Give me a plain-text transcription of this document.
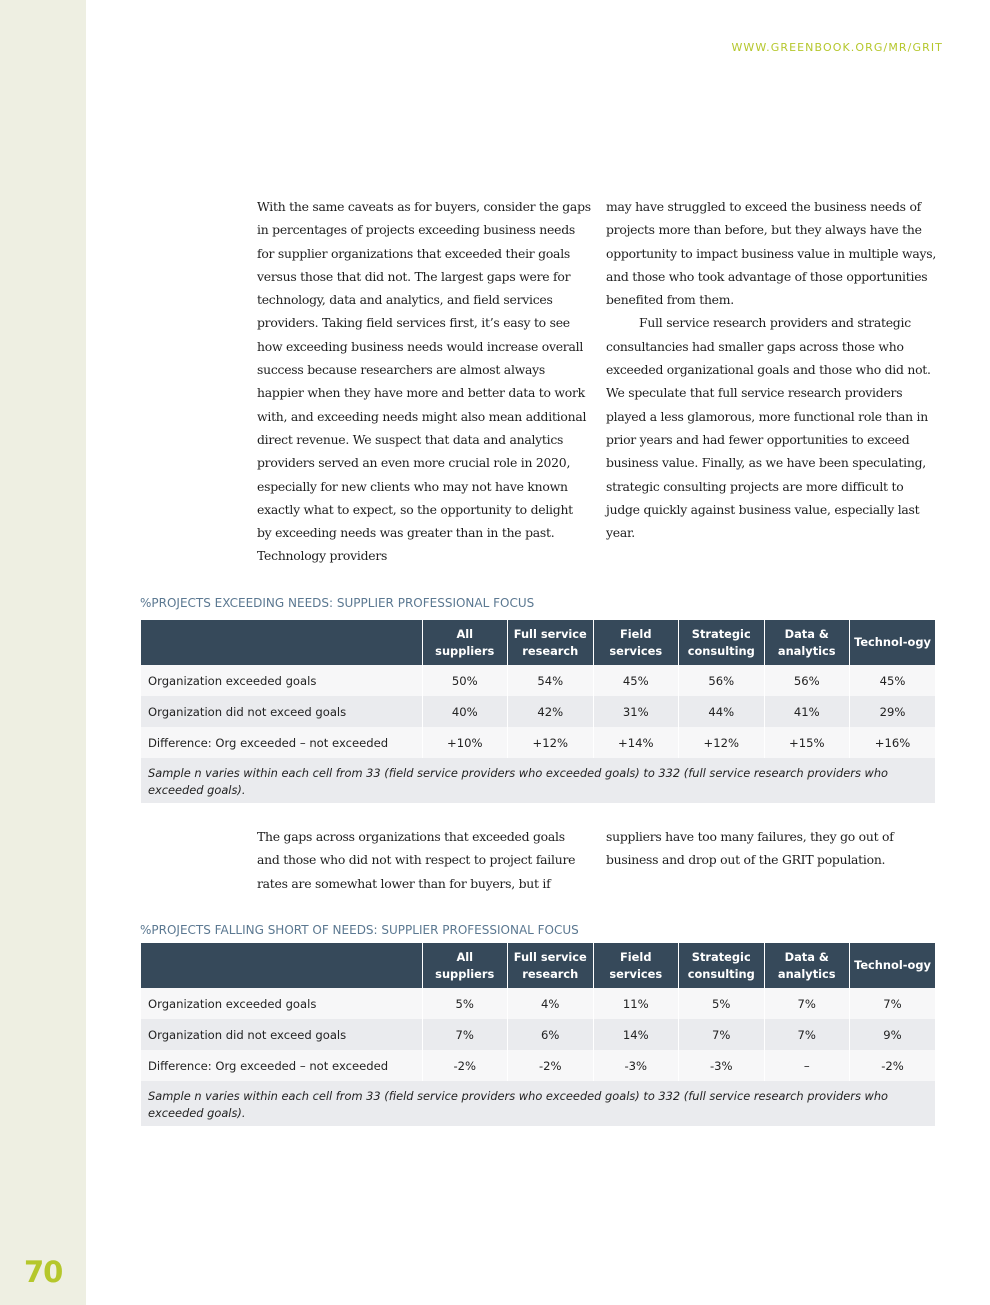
70
WWW.GREENBOOK.ORG/MR/GRIT

With the same caveats as for buyers, consider the gaps in percentages of projects exceeding business needs for supplier organizations that exceeded their goals versus those that did not. The largest gaps were for technology, data and analytics, and field services providers. Taking field services first, it’s easy to see how exceeding business needs would increase overall success because researchers are almost always happier when they have more and better data to work with, and exceeding needs might also mean additional direct revenue. We suspect that data and analytics providers served an even more crucial role in 2020, especially for new clients who may not have known exactly what to expect, so the opportunity to delight by exceeding needs was greater than in the past. Technology providers

may have struggled to exceed the business needs of projects more than before, but they always have the opportunity to impact business value in multiple ways, and those who took advantage of those opportunities benefited from them.

Full service research providers and strategic consultancies had smaller gaps across those who exceeded organizational goals and those who did not. We speculate that full service research providers played a less glamorous, more functional role than in prior years and had fewer opportunities to exceed business value. Finally, as we have been speculating, strategic consulting projects are more difficult to judge quickly against business value, especially last year.

%PROJECTS EXCEEDING NEEDS: SUPPLIER PROFESSIONAL FOCUS
	All suppliers	Full service research	Field services	Strategic consulting	Data & analytics	Technol-ogy
Organization exceeded goals	50%	54%	45%	56%	56%	45%
Organization did not exceed goals	40%	42%	31%	44%	41%	29%
Difference: Org exceeded – not exceeded	+10%	+12%	+14%	+12%	+15%	+16%
Sample n varies within each cell from 33 (field service providers who exceeded goals) to 332 (full service research providers who exceeded goals).						

The gaps across organizations that exceeded goals and those who did not with respect to project failure rates are somewhat lower than for buyers, but if

suppliers have too many failures, they go out of business and drop out of the GRIT population.

%PROJECTS FALLING SHORT OF NEEDS: SUPPLIER PROFESSIONAL FOCUS
	All suppliers	Full service research	Field services	Strategic consulting	Data & analytics	Technol-ogy
Organization exceeded goals	5%	4%	11%	5%	7%	7%
Organization did not exceed goals	7%	6%	14%	7%	7%	9%
Difference: Org exceeded – not exceeded	-2%	-2%	-3%	-3%	–	-2%
Sample n varies within each cell from 33 (field service providers who exceeded goals) to 332 (full service research providers who exceeded goals).						
